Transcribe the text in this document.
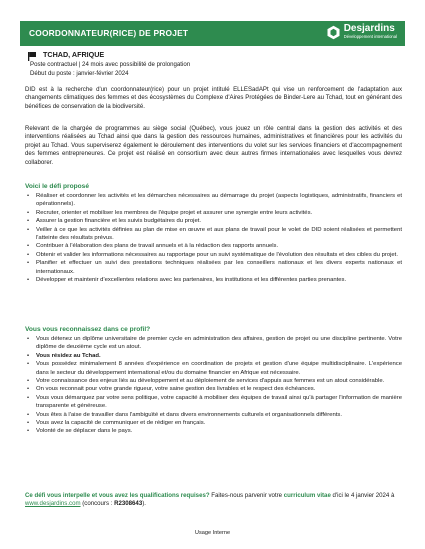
COORDONNATEUR(RICE) DE PROJET	Desjardins
Développement international
TCHAD, AFRIQUE
Poste contractuel | 24 mois avec possibilité de prolongation
Début du poste : janvier-février 2024

DID est à la recherche d'un coordonnateur(rice) pour un projet intitulé ELLESadAPt qui vise un renforcement de l'adaptation aux changements climatiques des femmes et des écosystèmes du Complexe d'Aires Protégées de Binder-Lere au Tchad, tout en générant des bénéfices de conservation de la biodiversité.

Relevant de la chargée de programmes au siège social (Québec), vous jouez un rôle central dans la gestion des activités et des interventions réalisées au Tchad ainsi que dans la gestion des ressources humaines, administratives et financières pour les activités du projet au Tchad. Vous superviserez également le déroulement des interventions du volet sur les services financiers et d'accompagnement des femmes entrepreneures. Ce projet est réalisé en consortium avec deux autres firmes internationales avec lesquelles vous devrez collaborer.

Voici le défi proposé
• Réaliser et coordonner les activités et les démarches nécessaires au démarrage du projet (aspects logistiques, administratifs, financiers et opérationnels).
• Recruter, orienter et mobiliser les membres de l'équipe projet et assurer une synergie entre leurs activités.
• Assurer la gestion financière et les suivis budgétaires du projet.
• Veiller à ce que les activités définies au plan de mise en œuvre et aux plans de travail pour le volet de DID soient réalisées et permettent l'atteinte des résultats prévus.
• Contribuer à l'élaboration des plans de travail annuels et à la rédaction des rapports annuels.
• Obtenir et valider les informations nécessaires au rapportage pour un suivi systématique de l'évolution des résultats et des cibles du projet.
• Planifier et effectuer un suivi des prestations techniques réalisées par les conseillers nationaux et les divers experts nationaux et internationaux.
• Développer et maintenir d'excellentes relations avec les partenaires, les institutions et les différentes parties prenantes.
Vous vous reconnaissez dans ce profil?
• Vous détenez un diplôme universitaire de premier cycle en administration des affaires, gestion de projet ou une discipline pertinente. Votre diplôme de deuxième cycle est un atout.
• Vous résidez au Tchad.
• Vous possédez minimalement 8 années d'expérience en coordination de projets et gestion d'une équipe multidisciplinaire. L'expérience dans le secteur du développement international et/ou du domaine financier en Afrique est nécessaire.
• Votre connaissance des enjeux liés au développement et au déploiement de services d'appuis aux femmes est un atout considérable.
• On vous reconnait pour votre grande rigueur, votre saine gestion des livrables et le respect des échéances.
• Vous vous démarquez par votre sens politique, votre capacité à mobiliser des équipes de travail ainsi qu'à partager l'information de manière transparente et généreuse.
• Vous êtes à l'aise de travailler dans l'ambiguïté et dans divers environnements culturels et organisationnels différents.
• Vous avez la capacité de communiquer et de rédiger en français.
• Volonté de se déplacer dans le pays.
Ce défi vous interpelle et vous avez les qualifications requises? Faites-nous parvenir votre curriculum vitae d'ici le 4 janvier 2024 à www.desjardins.com (concours : R2308643).
Usage Interne
